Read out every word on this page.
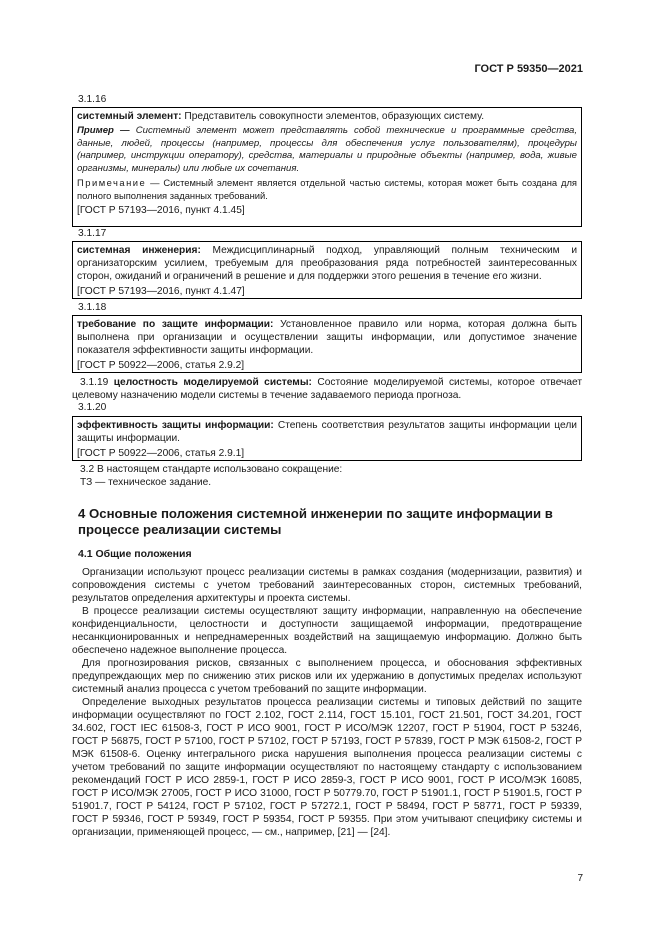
ГОСТ Р 59350—2021
3.1.16

системный элемент: Представитель совокупности элементов, образующих систему.

Пример — Системный элемент может представлять собой технические и программные средства, данные, людей, процессы (например, процессы для обеспечения услуг пользователям), процедуры (например, инструкции оператору), средства, материалы и природные объекты (например, вода, живые организмы, минералы) или любые их сочетания.

Примечание — Системный элемент является отдельной частью системы, которая может быть создана для полного выполнения заданных требований.

[ГОСТ Р 57193—2016, пункт 4.1.45]

3.1.17

системная инженерия: Междисциплинарный подход, управляющий полным техническим и организаторским усилием, требуемым для преобразования ряда потребностей заинтересованных сторон, ожиданий и ограничений в решение и для поддержки этого решения в течение его жизни.

[ГОСТ Р 57193—2016, пункт 4.1.47]

3.1.18

требование по защите информации: Установленное правило или норма, которая должна быть выполнена при организации и осуществлении защиты информации, или допустимое значение показателя эффективности защиты информации.

[ГОСТ Р 50922—2006, статья 2.9.2]

3.1.19 целостность моделируемой системы: Состояние моделируемой системы, которое отвечает целевому назначению модели системы в течение задаваемого периода прогноза.

3.1.20

эффективность защиты информации: Степень соответствия результатов защиты информации цели защиты информации.

[ГОСТ Р 50922—2006, статья 2.9.1]

3.2 В настоящем стандарте использовано сокращение:

ТЗ — техническое задание.

4 Основные положения системной инженерии по защите информации в процессе реализации системы
4.1 Общие положения

Организации используют процесс реализации системы в рамках создания (модернизации, развития) и сопровождения системы с учетом требований заинтересованных сторон, системных требований, результатов определения архитектуры и проекта системы.

В процессе реализации системы осуществляют защиту информации, направленную на обеспечение конфиденциальности, целостности и доступности защищаемой информации, предотвращение несанкционированных и непреднамеренных воздействий на защищаемую информацию. Должно быть обеспечено надежное выполнение процесса.

Для прогнозирования рисков, связанных с выполнением процесса, и обоснования эффективных предупреждающих мер по снижению этих рисков или их удержанию в допустимых пределах используют системный анализ процесса с учетом требований по защите информации.

Определение выходных результатов процесса реализации системы и типовых действий по защите информации осуществляют по ГОСТ 2.102, ГОСТ 2.114, ГОСТ 15.101, ГОСТ 21.501, ГОСТ 34.201, ГОСТ 34.602, ГОСТ IEC 61508-3, ГОСТ Р ИСО 9001, ГОСТ Р ИСО/МЭК 12207, ГОСТ Р 51904, ГОСТ Р 53246, ГОСТ Р 56875, ГОСТ Р 57100, ГОСТ Р 57102, ГОСТ Р 57193, ГОСТ Р 57839, ГОСТ Р МЭК 61508-2, ГОСТ Р МЭК 61508-6. Оценку интегрального риска нарушения выполнения процесса реализации системы с учетом требований по защите информации осуществляют по настоящему стандарту с использованием рекомендаций ГОСТ Р ИСО 2859-1, ГОСТ Р ИСО 2859-3, ГОСТ Р ИСО 9001, ГОСТ Р ИСО/МЭК 16085, ГОСТ Р ИСО/МЭК 27005, ГОСТ Р ИСО 31000, ГОСТ Р 50779.70, ГОСТ Р 51901.1, ГОСТ Р 51901.5, ГОСТ Р 51901.7, ГОСТ Р 54124, ГОСТ Р 57102, ГОСТ Р 57272.1, ГОСТ Р 58494, ГОСТ Р 58771, ГОСТ Р 59339, ГОСТ Р 59346, ГОСТ Р 59349, ГОСТ Р 59354, ГОСТ Р 59355. При этом учитывают специфику системы и организации, применяющей процесс, — см., например, [21] — [24].

7
